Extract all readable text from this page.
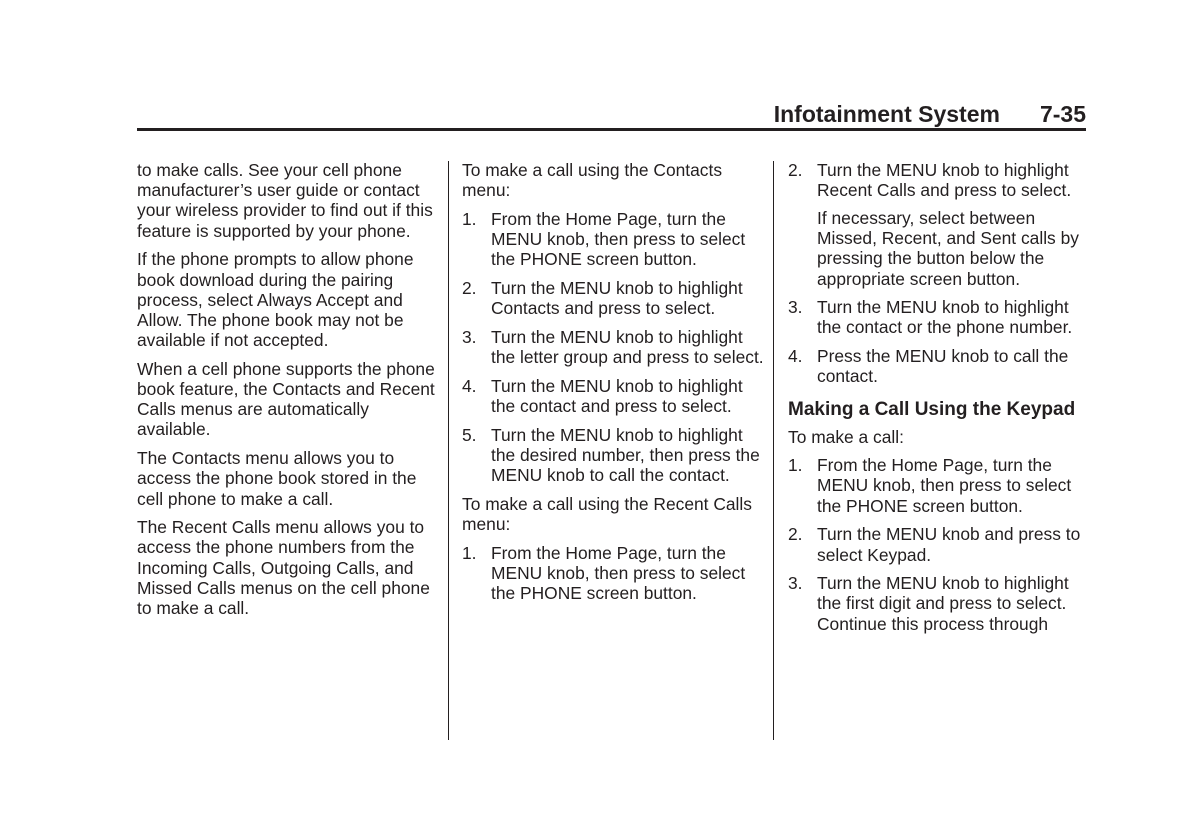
Infotainment System 7-35

to make calls. See your cell phone manufacturer’s user guide or contact your wireless provider to find out if this feature is supported by your phone.

If the phone prompts to allow phone book download during the pairing process, select Always Accept and Allow. The phone book may not be available if not accepted.

When a cell phone supports the phone book feature, the Contacts and Recent Calls menus are automatically available.

The Contacts menu allows you to access the phone book stored in the cell phone to make a call.

The Recent Calls menu allows you to access the phone numbers from the Incoming Calls, Outgoing Calls, and Missed Calls menus on the cell phone to make a call.

To make a call using the Contacts menu:

1. From the Home Page, turn the MENU knob, then press to select the PHONE screen button.
2. Turn the MENU knob to highlight Contacts and press to select.
3. Turn the MENU knob to highlight the letter group and press to select.
4. Turn the MENU knob to highlight the contact and press to select.
5. Turn the MENU knob to highlight the desired number, then press the MENU knob to call the contact.

To make a call using the Recent Calls menu:

1. From the Home Page, turn the MENU knob, then press to select the PHONE screen button.
2. Turn the MENU knob to highlight Recent Calls and press to select.

If necessary, select between Missed, Recent, and Sent calls by pressing the button below the appropriate screen button.

3. Turn the MENU knob to highlight the contact or the phone number.
4. Press the MENU knob to call the contact.
Making a Call Using the Keypad

To make a call:

1. From the Home Page, turn the MENU knob, then press to select the PHONE screen button.
2. Turn the MENU knob and press to select Keypad.
3. Turn the MENU knob to highlight the first digit and press to select. Continue this process through
